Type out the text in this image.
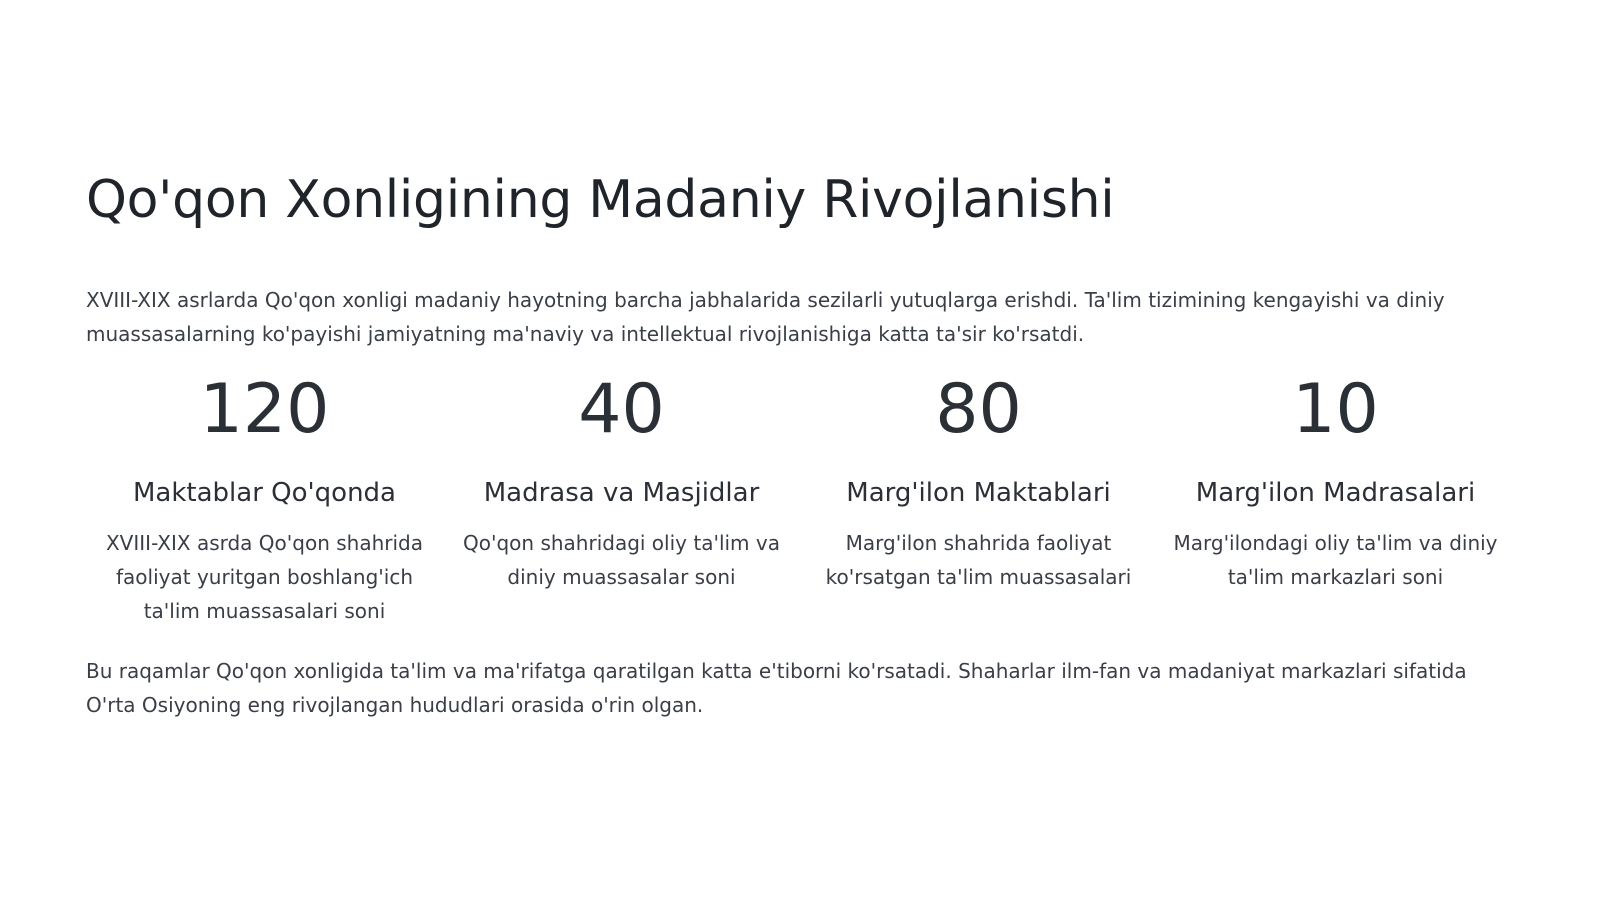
Qo'qon Xonligining Madaniy Rivojlanishi

XVIII-XIX asrlarda Qo'qon xonligi madaniy hayotning barcha jabhalarida sezilarli yutuqlarga erishdi. Ta'lim tizimining kengayishi va diniy muassasalarning ko'payishi jamiyatning ma'naviy va intellektual rivojlanishiga katta ta'sir ko'rsatdi.

120
Maktablar Qo'qonda
XVIII-XIX asrda Qo'qon shahrida faoliyat yuritgan boshlang'ich ta'lim muassasalari soni
40
Madrasa va Masjidlar
Qo'qon shahridagi oliy ta'lim va diniy muassasalar soni
80
Marg'ilon Maktablari
Marg'ilon shahrida faoliyat ko'rsatgan ta'lim muassasalari
10
Marg'ilon Madrasalari
Marg'ilondagi oliy ta'lim va diniy ta'lim markazlari soni

Bu raqamlar Qo'qon xonligida ta'lim va ma'rifatga qaratilgan katta e'tiborni ko'rsatadi. Shaharlar ilm-fan va madaniyat markazlari sifatida O'rta Osiyoning eng rivojlangan hududlari orasida o'rin olgan.
